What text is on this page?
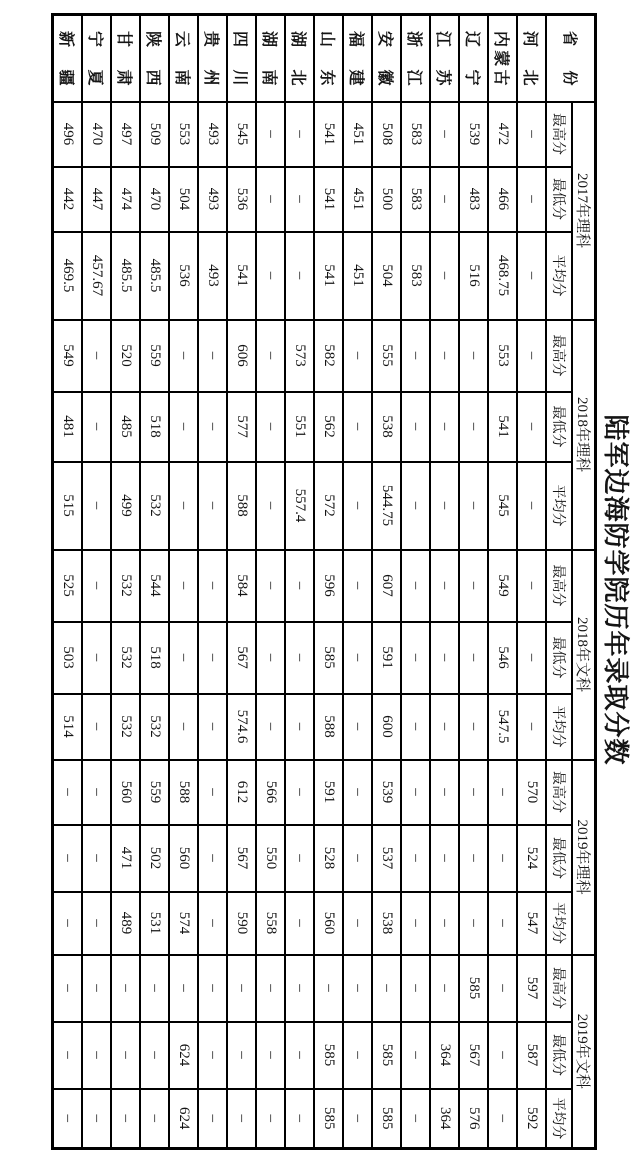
陆军边海防学院历年录取分数
省份	2017年理科			2018年理科			2018年文科			2019年理科			2019年文科		
	最高分	最低分	平均分	最高分	最低分	平均分	最高分	最低分	平均分	最高分	最低分	平均分	最高分	最低分	平均分
河北	–	–	–	–	–	–	–	–	–	570	524	547	597	587	592
内蒙古	472	466	468.75	553	541	545	549	546	547.5	–	–	–	–	–	–
辽宁	539	483	516	–	–	–	–	–	–	–	–	–	585	567	576
江苏	–	–	–	–	–	–	–	–	–	–	–	–	–	364	364
浙江	583	583	583	–	–	–	–	–	–	–	–	–	–	–	–
安徽	508	500	504	555	538	544.75	607	591	600	539	537	538	–	585	585
福建	451	451	451	–	–	–	–	–	–	–	–	–	–	–	–
山东	541	541	541	582	562	572	596	585	588	591	528	560	–	585	585
湖北	–	–	–	573	551	557.4	–	–	–	–	–	–	–	–	–
湖南	–	–	–	–	–	–	–	–	–	566	550	558	–	–	–
四川	545	536	541	606	577	588	584	567	574.6	612	567	590	–	–	–
贵州	493	493	493	–	–	–	–	–	–	–	–	–	–	–	–
云南	553	504	536	–	–	–	–	–	–	588	560	574	–	624	624
陕西	509	470	485.5	559	518	532	544	518	532	559	502	531	–	–	–
甘肃	497	474	485.5	520	485	499	532	532	532	560	471	489	–	–	–
宁夏	470	447	457.67	–	–	–	–	–	–	–	–	–	–	–	–
新疆	496	442	469.5	549	481	515	525	503	514	–	–	–	–	–	–
